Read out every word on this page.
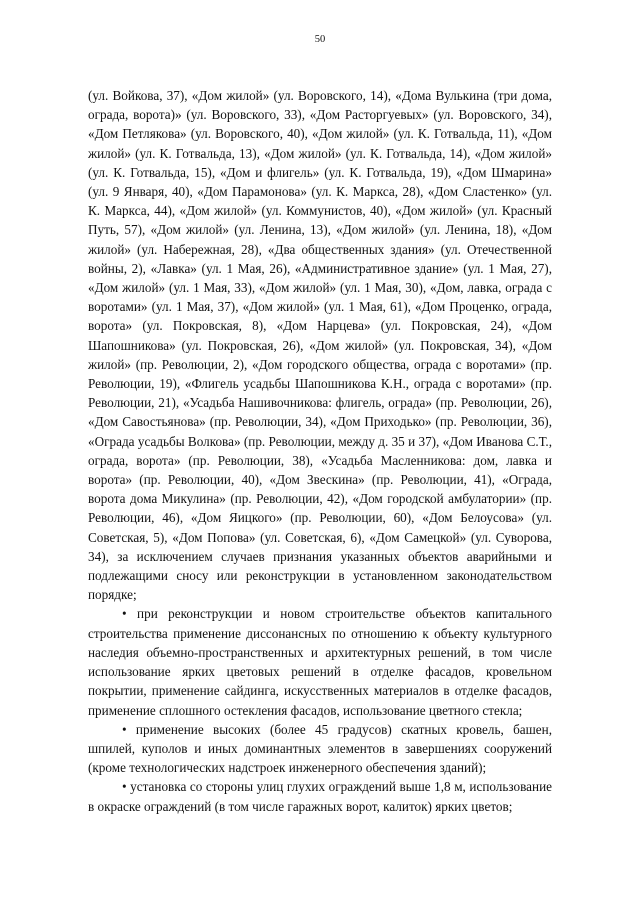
50

(ул. Войкова, 37), «Дом жилой» (ул. Воровского, 14), «Дома Вулькина (три дома, ограда, ворота)» (ул. Воровского, 33), «Дом Расторгуевых» (ул. Воровского, 34), «Дом Петлякова» (ул. Воровского, 40), «Дом жилой» (ул. К. Готвальда, 11), «Дом жилой» (ул. К. Готвальда, 13), «Дом жилой» (ул. К. Готвальда, 14), «Дом жилой» (ул. К. Готвальда, 15), «Дом и флигель» (ул. К. Готвальда, 19), «Дом Шмарина» (ул. 9 Января, 40), «Дом Парамонова» (ул. К. Маркса, 28), «Дом Сластенко» (ул. К. Маркса, 44), «Дом жилой» (ул. Коммунистов, 40), «Дом жилой» (ул. Красный Путь, 57), «Дом жилой» (ул. Ленина, 13), «Дом жилой» (ул. Ленина, 18), «Дом жилой» (ул. Набережная, 28), «Два общественных здания» (ул. Отечественной войны, 2), «Лавка» (ул. 1 Мая, 26), «Административное здание» (ул. 1 Мая, 27), «Дом жилой» (ул. 1 Мая, 33), «Дом жилой» (ул. 1 Мая, 30), «Дом, лавка, ограда с воротами» (ул. 1 Мая, 37), «Дом жилой» (ул. 1 Мая, 61), «Дом Проценко, ограда, ворота» (ул. Покровская, 8), «Дом Нарцева» (ул. Покровская, 24), «Дом Шапошникова» (ул. Покровская, 26), «Дом жилой» (ул. Покровская, 34), «Дом жилой» (пр. Революции, 2), «Дом городского общества, ограда с воротами» (пр. Революции, 19), «Флигель усадьбы Шапошникова К.Н., ограда с воротами» (пр. Революции, 21), «Усадьба Нашивочникова: флигель, ограда» (пр. Революции, 26), «Дом Савостьянова» (пр. Революции, 34), «Дом Приходько» (пр. Революции, 36), «Ограда усадьбы Волкова» (пр. Революции, между д. 35 и 37), «Дом Иванова С.Т., ограда, ворота» (пр. Революции, 38), «Усадьба Масленникова: дом, лавка и ворота» (пр. Революции, 40), «Дом Звескина» (пр. Революции, 41), «Ограда, ворота дома Микулина» (пр. Революции, 42), «Дом городской амбулатории» (пр. Революции, 46), «Дом Яицкого» (пр. Революции, 60), «Дом Белоусова» (ул. Советская, 5), «Дом Попова» (ул. Советская, 6), «Дом Самецкой» (ул. Суворова, 34), за исключением случаев признания указанных объектов аварийными и подлежащими сносу или реконструкции в установленном законодательством порядке;

• при реконструкции и новом строительстве объектов капитального строительства применение диссонансных по отношению к объекту культурного наследия объемно-пространственных и архитектурных решений, в том числе использование ярких цветовых решений в отделке фасадов, кровельном покрытии, применение сайдинга, искусственных материалов в отделке фасадов, применение сплошного остекления фасадов, использование цветного стекла;

• применение высоких (более 45 градусов) скатных кровель, башен, шпилей, куполов и иных доминантных элементов в завершениях сооружений (кроме технологических надстроек инженерного обеспечения зданий);

• установка со стороны улиц глухих ограждений выше 1,8 м, использование в окраске ограждений (в том числе гаражных ворот, калиток) ярких цветов;
